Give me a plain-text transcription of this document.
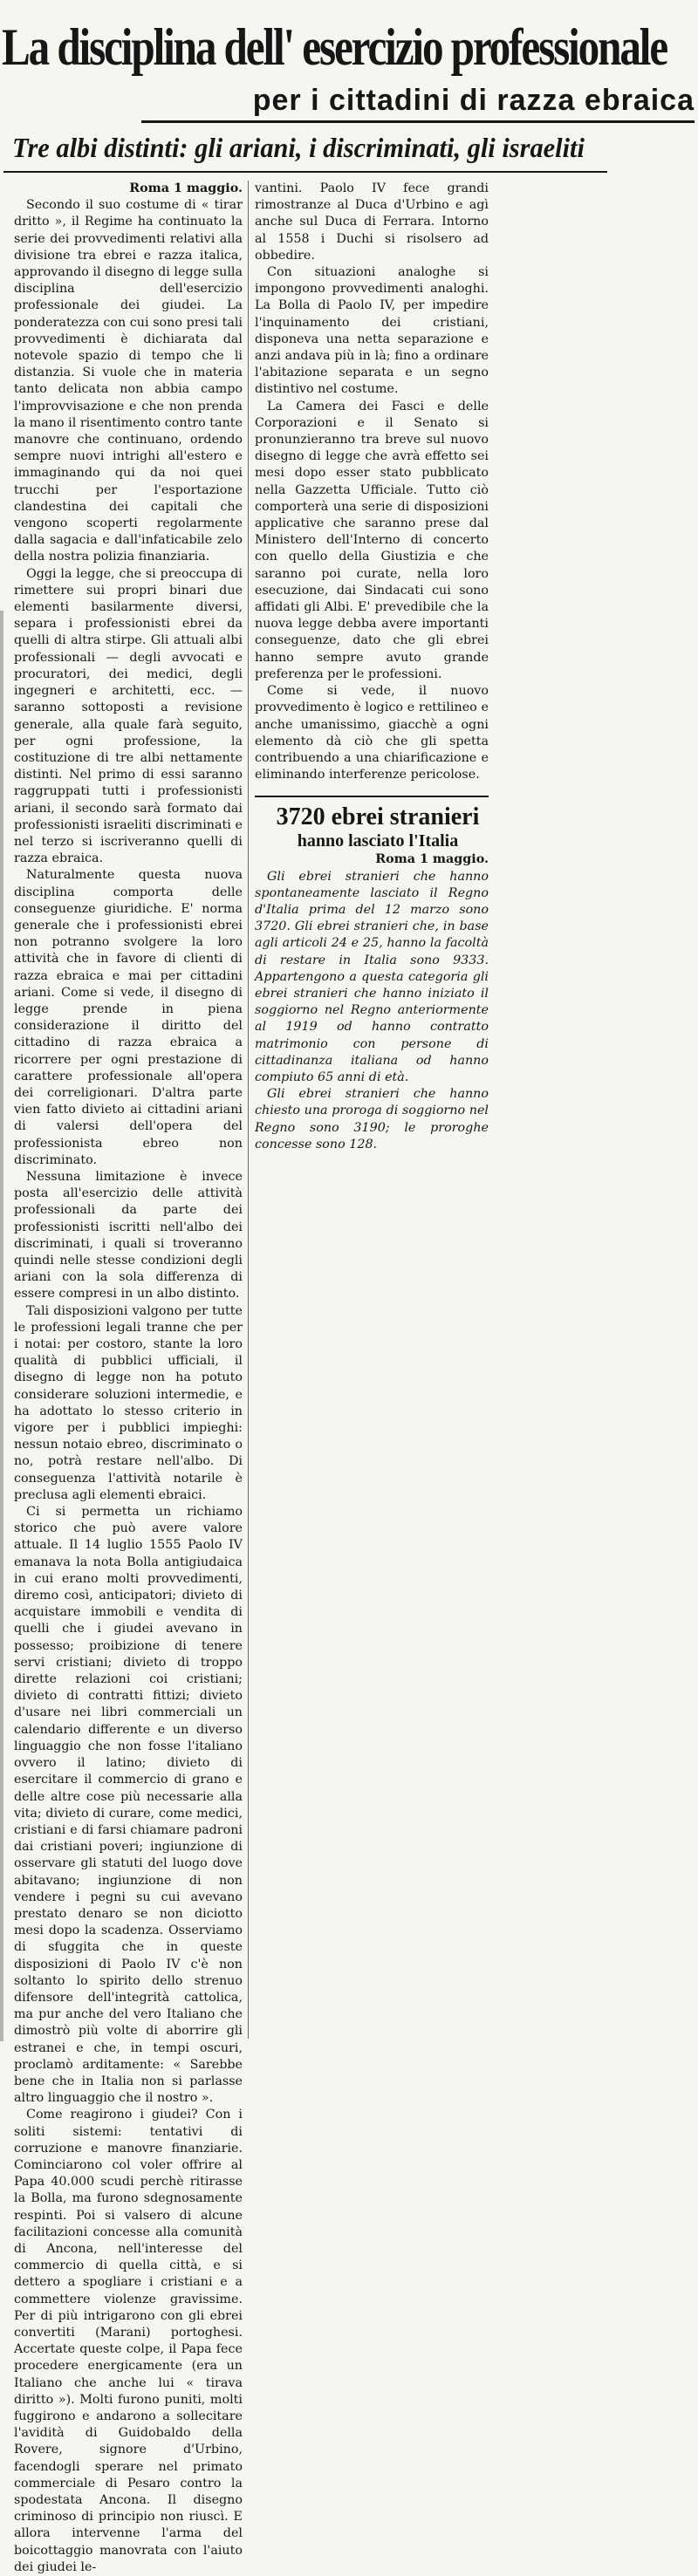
La disciplina dell' esercizio professionale
per i cittadini di razza ebraica
Tre albi distinti: gli ariani, i discriminati, gli israeliti

Roma 1 maggio.

Secondo il suo costume di « tirar dritto », il Regime ha continuato la serie dei provvedimenti relativi alla divisione tra ebrei e razza italica, approvando il disegno di legge sulla disciplina dell'esercizio professionale dei giudei. La ponderatezza con cui sono presi tali provvedimenti è dichiarata dal notevole spazio di tempo che li distanzia. Si vuole che in materia tanto delicata non abbia campo l'improvvisazione e che non prenda la mano il risentimento contro tante manovre che continuano, ordendo sempre nuovi intrighi all'estero e immaginando qui da noi quei trucchi per l'esportazione clandestina dei capitali che vengono scoperti regolarmente dalla sagacia e dall'infaticabile zelo della nostra polizia finanziaria.

Oggi la legge, che si preoccupa di rimettere sui propri binari due elementi basilarmente diversi, separa i professionisti ebrei da quelli di altra stirpe. Gli attuali albi professionali — degli avvocati e procuratori, dei medici, degli ingegneri e architetti, ecc. — saranno sottoposti a revisione generale, alla quale farà seguito, per ogni professione, la costituzione di tre albi nettamente distinti. Nel primo di essi saranno raggruppati tutti i professionisti ariani, il secondo sarà formato dai professionisti israeliti discriminati e nel terzo si iscriveranno quelli di razza ebraica.

Naturalmente questa nuova disciplina comporta delle conseguenze giuridiche. E' norma generale che i professionisti ebrei non potranno svolgere la loro attività che in favore di clienti di razza ebraica e mai per cittadini ariani. Come si vede, il disegno di legge prende in piena considerazione il diritto del cittadino di razza ebraica a ricorrere per ogni prestazione di carattere professionale all'opera dei correligionari. D'altra parte vien fatto divieto ai cittadini ariani di valersi dell'opera del professionista ebreo non discriminato.

Nessuna limitazione è invece posta all'esercizio delle attività professionali da parte dei professionisti iscritti nell'albo dei discriminati, i quali si troveranno quindi nelle stesse condizioni degli ariani con la sola differenza di essere compresi in un albo distinto.

Tali disposizioni valgono per tutte le professioni legali tranne che per i notai: per costoro, stante la loro qualità di pubblici ufficiali, il disegno di legge non ha potuto considerare soluzioni intermedie, e ha adottato lo stesso criterio in vigore per i pubblici impieghi: nessun notaio ebreo, discriminato o no, potrà restare nell'albo. Di conseguenza l'attività notarile è preclusa agli elementi ebraici.

Ci si permetta un richiamo storico che può avere valore attuale. Il 14 luglio 1555 Paolo IV emanava la nota Bolla antigiudaica in cui erano molti provvedimenti, diremo così, anticipatori; divieto di acquistare immobili e vendita di quelli che i giudei avevano in possesso; proibizione di tenere servi cristiani; divieto di troppo dirette relazioni coi cristiani; divieto di contratti fittizi; divieto d'usare nei libri commerciali un calendario differente e un diverso linguaggio che non fosse l'italiano ovvero il latino; divieto di esercitare il commercio di grano e delle altre cose più necessarie alla vita; divieto di curare, come medici, cristiani e di farsi chiamare padroni dai cristiani poveri; ingiunzione di osservare gli statuti del luogo dove abitavano; ingiunzione di non vendere i pegni su cui avevano prestato denaro se non diciotto mesi dopo la scadenza. Osserviamo di sfuggita che in queste disposizioni di Paolo IV c'è non soltanto lo spirito dello strenuo difensore dell'integrità cattolica, ma pur anche del vero Italiano che dimostrò più volte di aborrire gli estranei e che, in tempi oscuri, proclamò arditamente: « Sarebbe bene che in Italia non si parlasse altro linguaggio che il nostro ».

Come reagirono i giudei? Con i soliti sistemi: tentativi di corruzione e manovre finanziarie. Cominciarono col voler offrire al Papa 40.000 scudi perchè ritirasse la Bolla, ma furono sdegnosamente respinti. Poi si valsero di alcune facilitazioni concesse alla comunità di Ancona, nell'interesse del commercio di quella città, e si dettero a spogliare i cristiani e a commettere violenze gravissime. Per di più intrigarono con gli ebrei convertiti (Marani) portoghesi. Accertate queste colpe, il Papa fece procedere energicamente (era un Italiano che anche lui « tirava diritto »). Molti furono puniti, molti fuggirono e andarono a sollecitare l'avidità di Guidobaldo della Rovere, signore d'Urbino, facendogli sperare nel primato commerciale di Pesaro contro la spodestata Ancona. Il disegno criminoso di principio non riuscì. E allora intervenne l'arma del boicottaggio manovrata con l'aiuto dei giudei le-

vantini. Paolo IV fece grandi rimostranze al Duca d'Urbino e agì anche sul Duca di Ferrara. Intorno al 1558 i Duchi si risolsero ad obbedire.

Con situazioni analoghe si impongono provvedimenti analoghi. La Bolla di Paolo IV, per impedire l'inquinamento dei cristiani, disponeva una netta separazione e anzi andava più in là; fino a ordinare l'abitazione separata e un segno distintivo nel costume.

La Camera dei Fasci e delle Corporazioni e il Senato si pronunzieranno tra breve sul nuovo disegno di legge che avrà effetto sei mesi dopo esser stato pubblicato nella Gazzetta Ufficiale. Tutto ciò comporterà una serie di disposizioni applicative che saranno prese dal Ministero dell'Interno di concerto con quello della Giustizia e che saranno poi curate, nella loro esecuzione, dai Sindacati cui sono affidati gli Albi. E' prevedibile che la nuova legge debba avere importanti conseguenze, dato che gli ebrei hanno sempre avuto grande preferenza per le professioni.

Come si vede, il nuovo provvedimento è logico e rettilineo e anche umanissimo, giacchè a ogni elemento dà ciò che gli spetta contribuendo a una chiarificazione e eliminando interferenze pericolose.

3720 ebrei stranieri

hanno lasciato l'Italia

Roma 1 maggio.

Gli ebrei stranieri che hanno spontaneamente lasciato il Regno d'Italia prima del 12 marzo sono 3720. Gli ebrei stranieri che, in base agli articoli 24 e 25, hanno la facoltà di restare in Italia sono 9333. Appartengono a questa categoria gli ebrei stranieri che hanno iniziato il soggiorno nel Regno anteriormente al 1919 od hanno contratto matrimonio con persone di cittadinanza italiana od hanno compiuto 65 anni di età.

Gli ebrei stranieri che hanno chiesto una proroga di soggiorno nel Regno sono 3190; le proroghe concesse sono 128.
